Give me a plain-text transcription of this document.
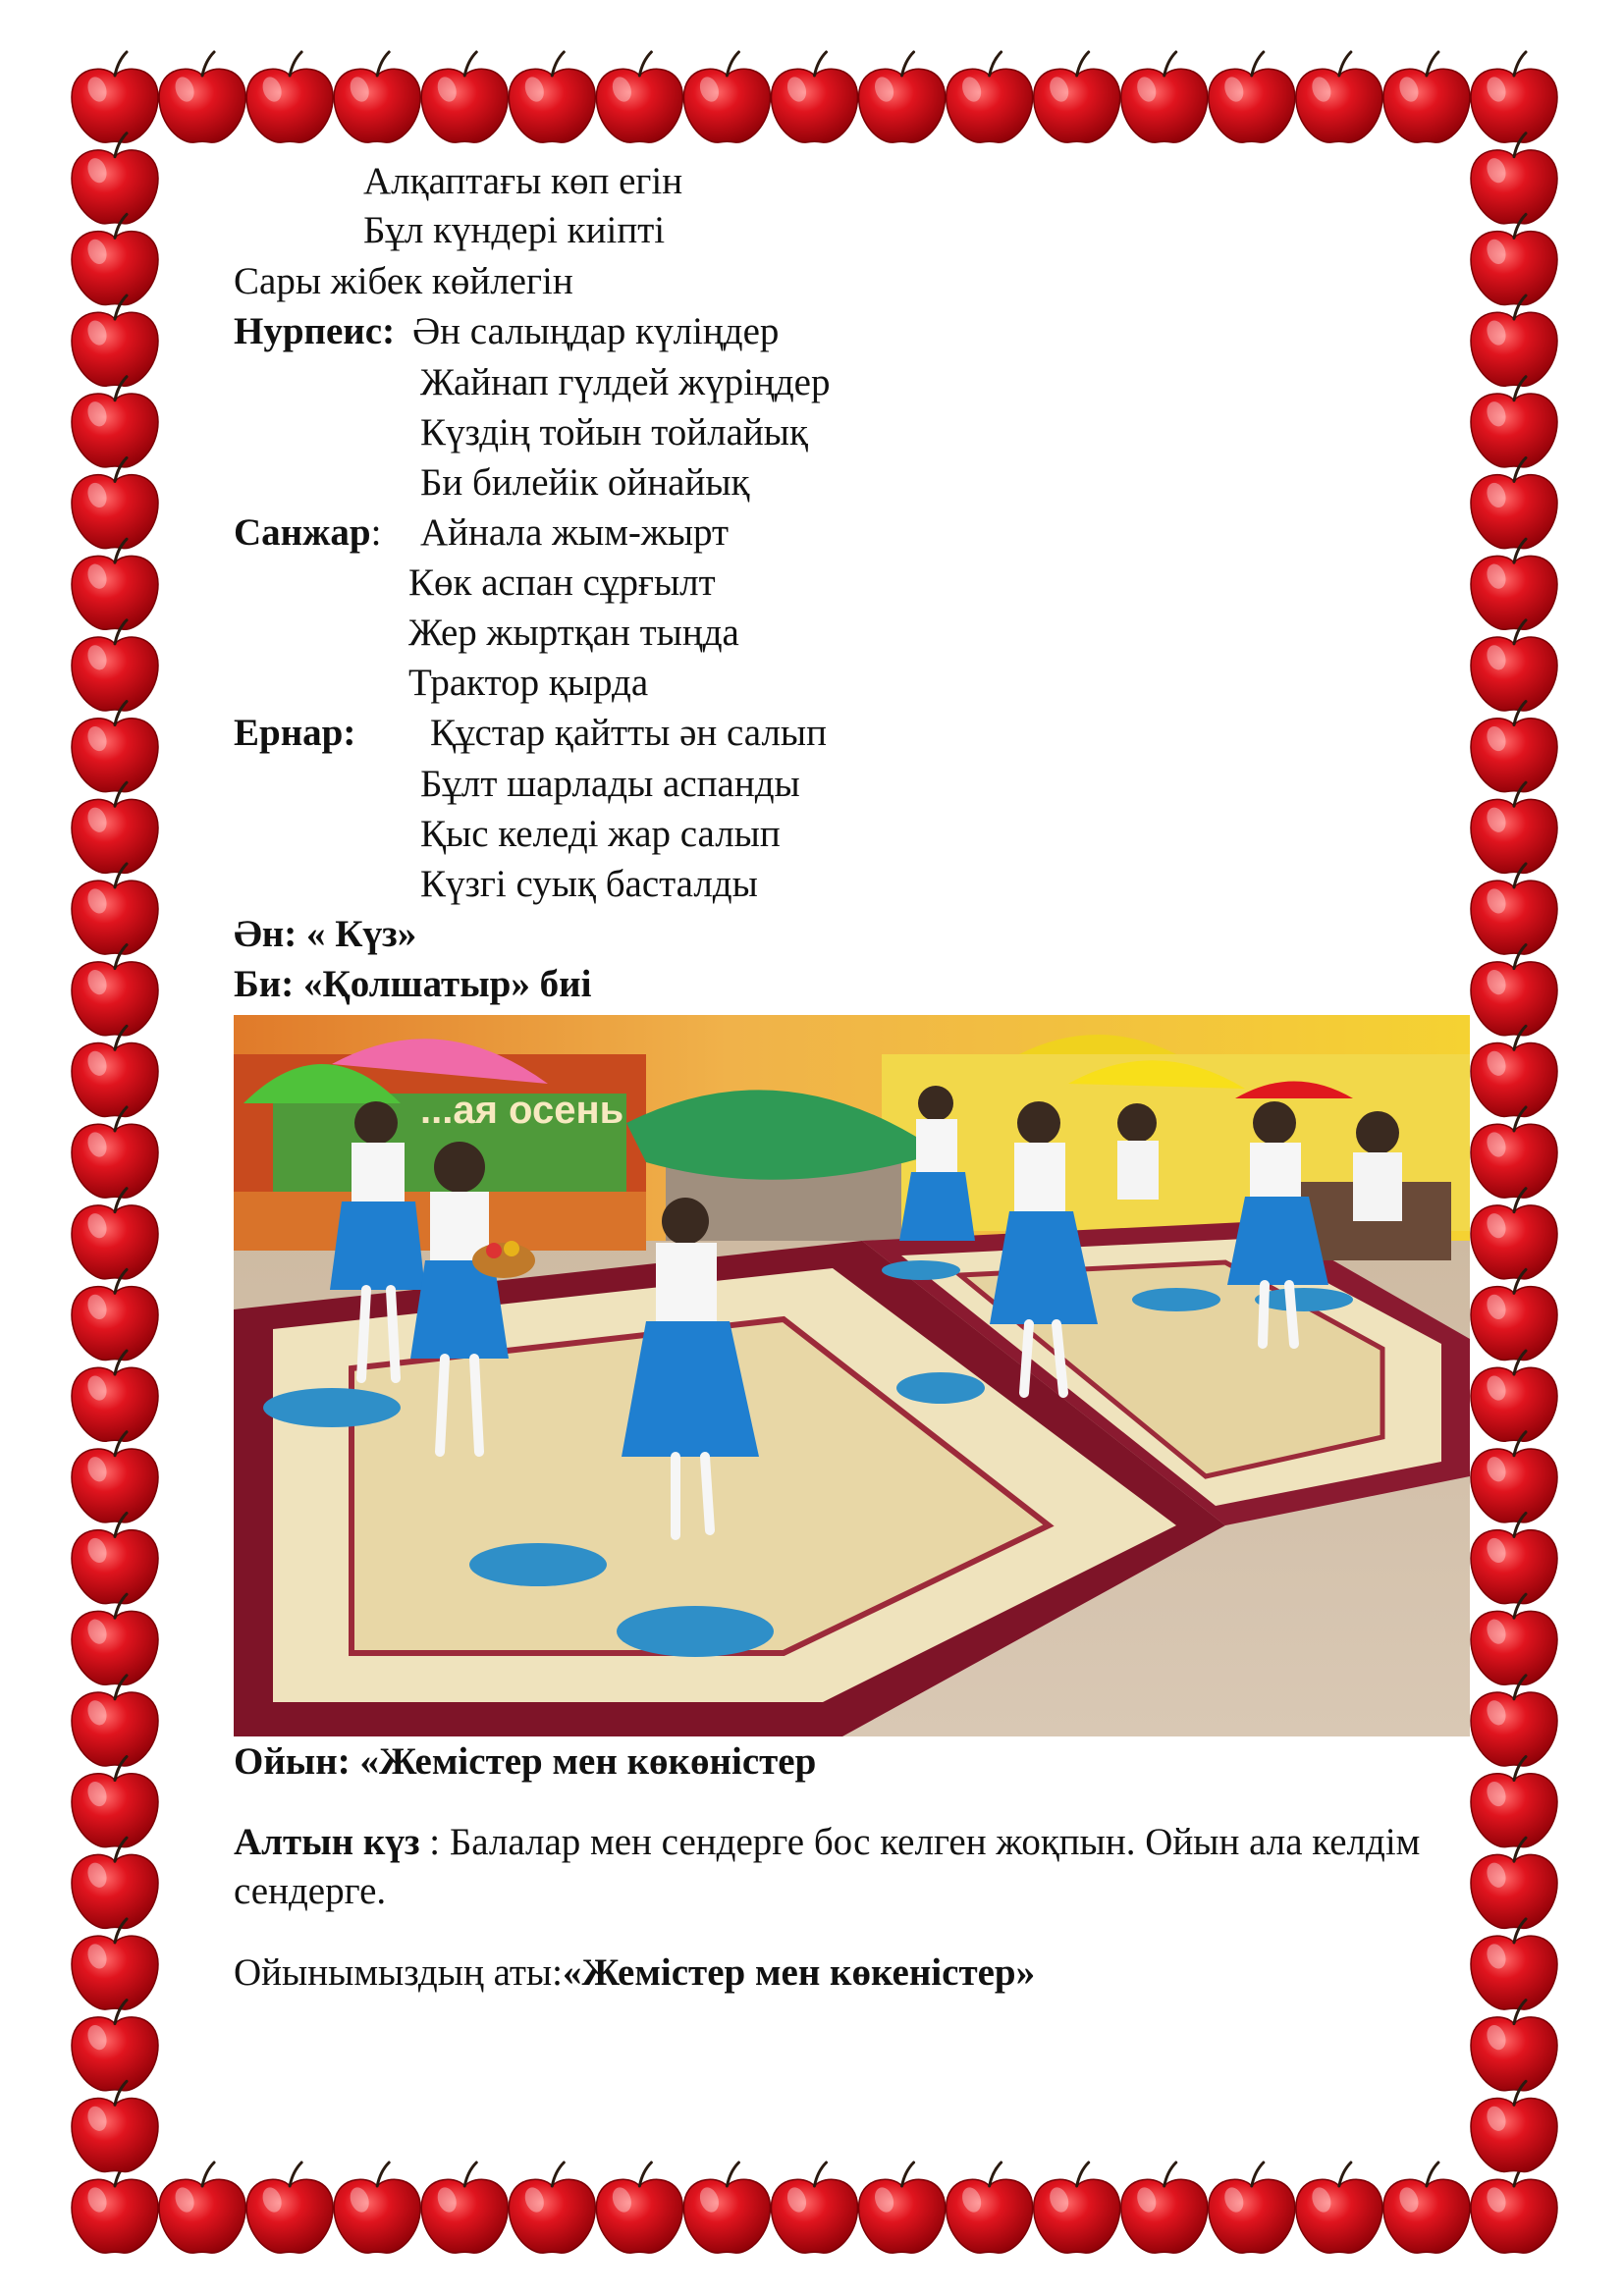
Алқаптағы көп егін
Бұл күндері киіпті
Сары жібек көйлегін
Нурпеис: Ән салыңдар күліңдер
Жайнап гүлдей жүріңдер
Күздің тойын тойлайық
Би билейік ойнайық
Санжар: Айнала жым-жырт
Көк аспан сұрғылт
Жер жыртқан тыңда
Трактор қырда
Ернар: Құстар қайтты ән салып
Бұлт шарлады аспанды
Қыс келеді жар салып
Күзгі суық басталды
Ән: « Күз»
Би: «Қолшатыр» биі
...ая осень
Ойын: «Жемістер мен көкөністер
Алтын күз : Балалар мен сендерге бос келген жоқпын. Ойын ала келдім сендерге.
Ойынымыздың аты:«Жемістер мен көкеністер»
